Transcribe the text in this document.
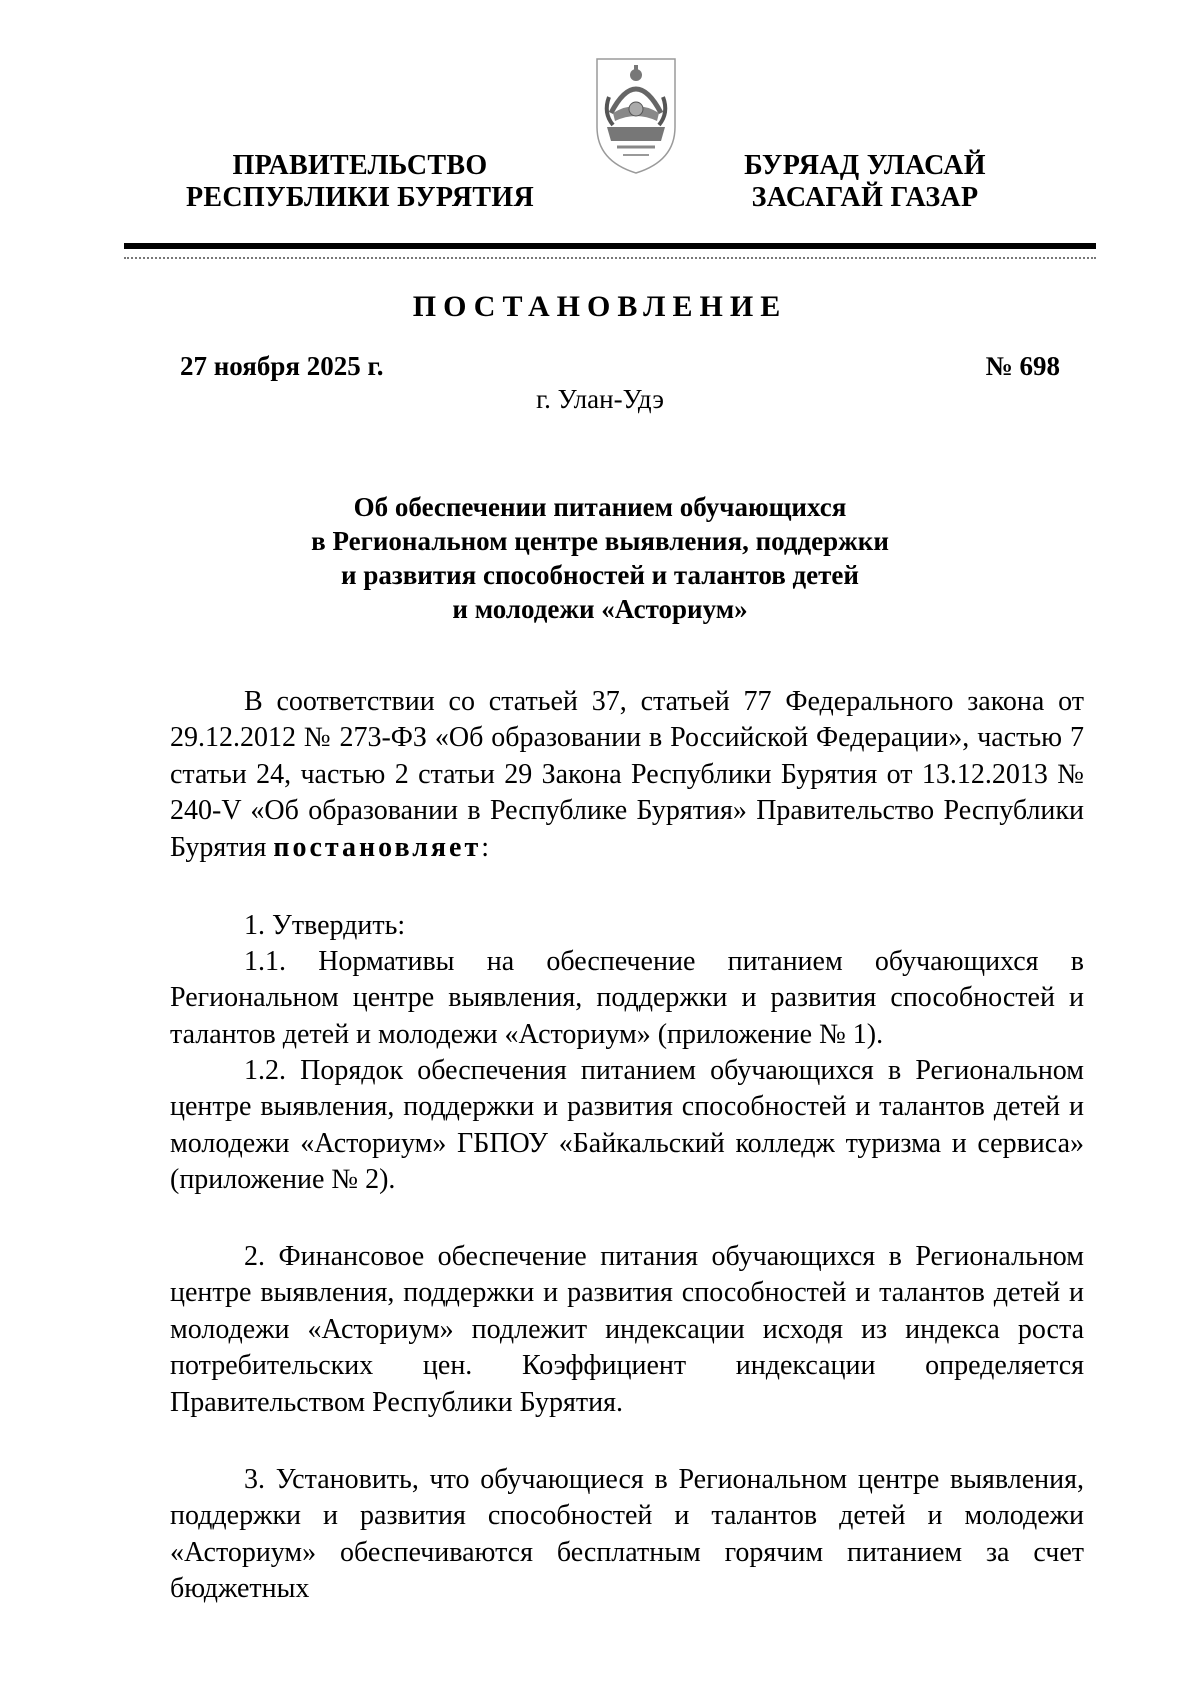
ПРАВИТЕЛЬСТВО
РЕСПУБЛИКИ БУРЯТИЯ
БУРЯАД УЛАСАЙ
ЗАСАГАЙ ГАЗАР
ПОСТАНОВЛЕНИЕ
27 ноября 2025 г.	№ 698
г. Улан-Удэ
Об обеспечении питанием обучающихся
в Региональном центре выявления, поддержки
и развития способностей и талантов детей
и молодежи «Асториум»

В соответствии со статьей 37, статьей 77 Федерального закона от 29.12.2012 № 273-ФЗ «Об образовании в Российской Федерации», частью 7 статьи 24, частью 2 статьи 29 Закона Республики Бурятия от 13.12.2013 № 240-V «Об образовании в Республике Бурятия» Правительство Республики Бурятия постановляет:

1. Утвердить:

1.1. Нормативы на обеспечение питанием обучающихся в Региональном центре выявления, поддержки и развития способностей и талантов детей и молодежи «Асториум» (приложение № 1).

1.2. Порядок обеспечения питанием обучающихся в Региональном центре выявления, поддержки и развития способностей и талантов детей и молодежи «Асториум» ГБПОУ «Байкальский колледж туризма и сервиса» (приложение № 2).

2. Финансовое обеспечение питания обучающихся в Региональном центре выявления, поддержки и развития способностей и талантов детей и молодежи «Асториум» подлежит индексации исходя из индекса роста потребительских цен. Коэффициент индексации определяется Правительством Республики Бурятия.

3. Установить, что обучающиеся в Региональном центре выявления, поддержки и развития способностей и талантов детей и молодежи «Асториум» обеспечиваются бесплатным горячим питанием за счет бюджетных
